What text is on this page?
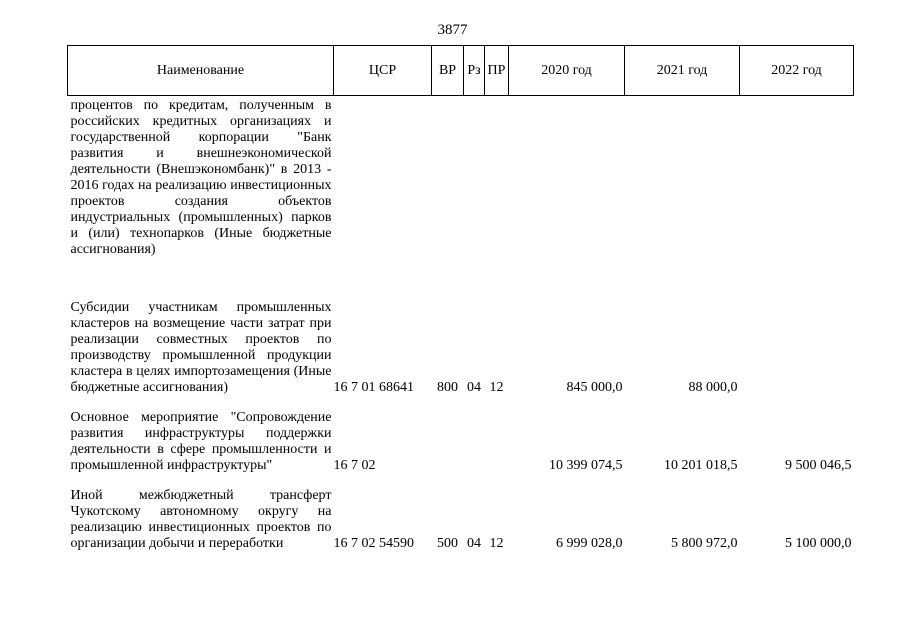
3877
Наименование	ЦСР	ВР	Рз	ПР	2020 год	2021 год	2022 год
процентов по кредитам, полученным в российских кредитных организациях и государственной корпорации "Банк развития и внешнеэкономической деятельности (Внешэкономбанк)" в 2013 - 2016 годах на реализацию инвестиционных проектов создания объектов индустриальных (промышленных) парков и (или) технопарков (Иные бюджетные ассигнования)							
Субсидии участникам промышленных кластеров на возмещение части затрат при реализации совместных проектов по производству промышленной продукции кластера в целях импортозамещения (Иные бюджетные ассигнования)	16 7 01 68641	800	04	12	845 000,0	88 000,0	
Основное мероприятие "Сопровождение развития инфраструктуры поддержки деятельности в сфере промышленности и промышленной инфраструктуры"	16 7 02				10 399 074,5	10 201 018,5	9 500 046,5
Иной межбюджетный трансферт Чукотскому автономному округу на реализацию инвестиционных проектов по организации добычи и переработки	16 7 02 54590	500	04	12	6 999 028,0	5 800 972,0	5 100 000,0
